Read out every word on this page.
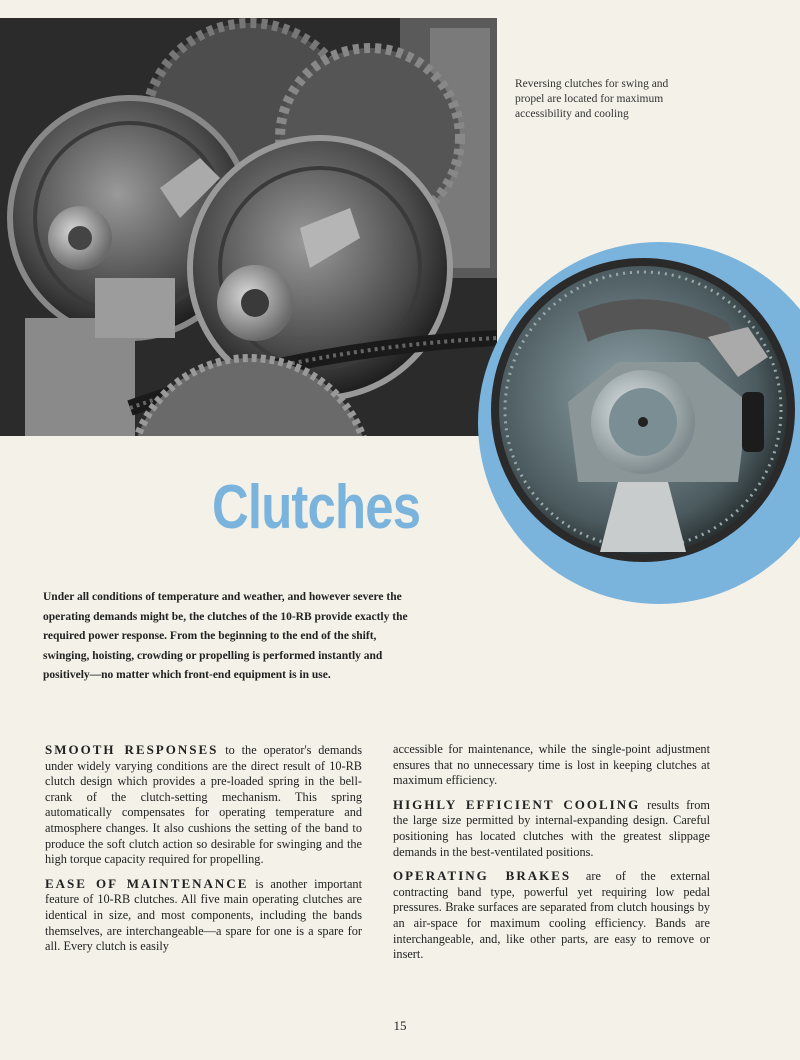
Reversing clutches for swing and propel are located for maximum accessibility and cooling
Clutches
Under all conditions of temperature and weather, and however severe the operating demands might be, the clutches of the 10-RB provide exactly the required power response. From the beginning to the end of the shift, swinging, hoisting, crowding or propelling is performed instantly and positively—no matter which front-end equipment is in use.

SMOOTH RESPONSES to the operator's demands under widely varying conditions are the direct result of 10-RB clutch design which provides a pre-loaded spring in the bell-crank of the clutch-setting mechanism. This spring automatically compensates for operating temperature and atmosphere changes. It also cushions the setting of the band to produce the soft clutch action so desirable for swinging and the high torque capacity required for propelling.

EASE OF MAINTENANCE is another important feature of 10-RB clutches. All five main operating clutches are identical in size, and most components, including the bands themselves, are interchangeable—a spare for one is a spare for all. Every clutch is easily

accessible for maintenance, while the single-point adjustment ensures that no unnecessary time is lost in keeping clutches at maximum efficiency.

HIGHLY EFFICIENT COOLING results from the large size permitted by internal-expanding design. Careful positioning has located clutches with the greatest slippage demands in the best-ventilated positions.

OPERATING BRAKES are of the external contracting band type, powerful yet requiring low pedal pressures. Brake surfaces are separated from clutch housings by an air-space for maximum cooling efficiency. Bands are interchangeable, and, like other parts, are easy to remove or insert.

15
